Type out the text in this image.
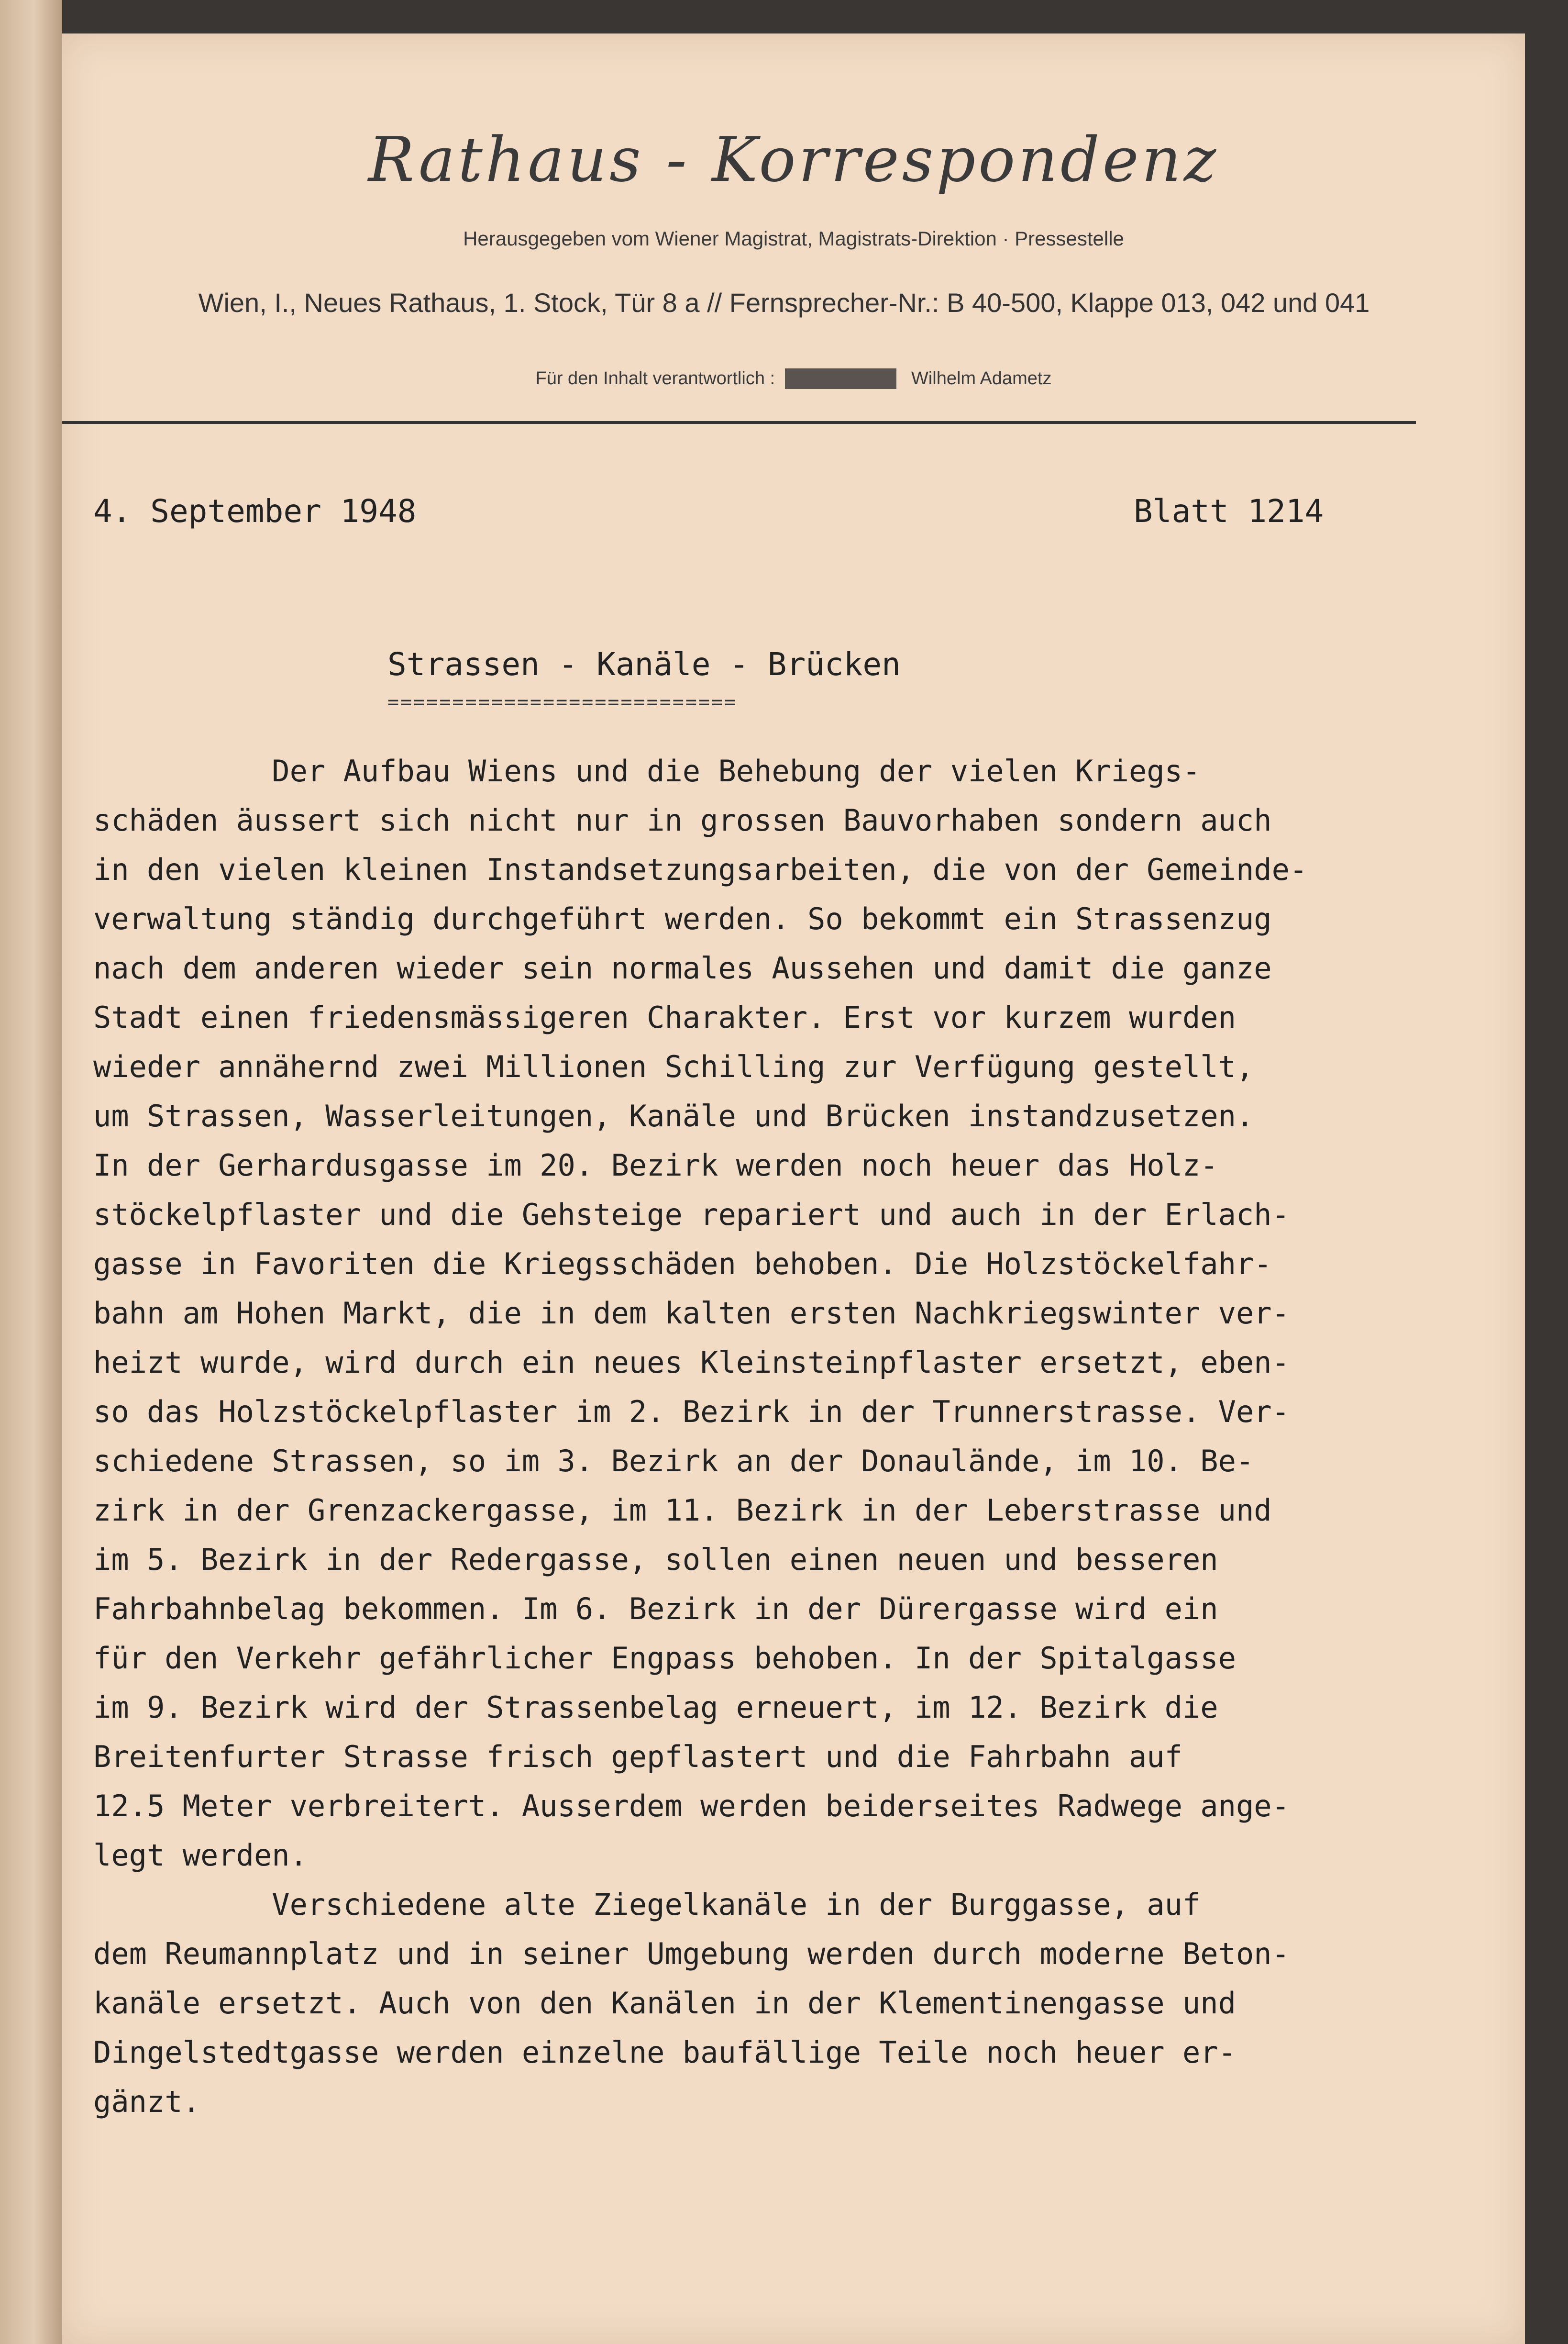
Rathaus - Korrespondenz
Herausgegeben vom Wiener Magistrat, Magistrats-Direktion · Pressestelle
Wien, I., Neues Rathaus, 1. Stock, Tür 8 a // Fernsprecher-Nr.: B 40-500, Klappe 013, 042 und 041
Für den Inhalt verantwortlich : Hans Riemer Wilhelm Adametz
4. September 1948	Blatt 1214
Strassen - Kanäle - Brücken
===========================
Der Aufbau Wiens und die Behebung der vielen Kriegs-
schäden äussert sich nicht nur in grossen Bauvorhaben sondern auch
in den vielen kleinen Instandsetzungsarbeiten, die von der Gemeinde-
verwaltung ständig durchgeführt werden. So bekommt ein Strassenzug
nach dem anderen wieder sein normales Aussehen und damit die ganze
Stadt einen friedensmässigeren Charakter. Erst vor kurzem wurden
wieder annähernd zwei Millionen Schilling zur Verfügung gestellt,
um Strassen, Wasserleitungen, Kanäle und Brücken instandzusetzen.
In der Gerhardusgasse im 20. Bezirk werden noch heuer das Holz-
stöckelpflaster und die Gehsteige repariert und auch in der Erlach-
gasse in Favoriten die Kriegsschäden behoben. Die Holzstöckelfahr-
bahn am Hohen Markt, die in dem kalten ersten Nachkriegswinter ver-
heizt wurde, wird durch ein neues Kleinsteinpflaster ersetzt, eben-
so das Holzstöckelpflaster im 2. Bezirk in der Trunnerstrasse. Ver-
schiedene Strassen, so im 3. Bezirk an der Donaulände, im 10. Be-
zirk in der Grenzackergasse, im 11. Bezirk in der Leberstrasse und
im 5. Bezirk in der Redergasse, sollen einen neuen und besseren
Fahrbahnbelag bekommen. Im 6. Bezirk in der Dürergasse wird ein
für den Verkehr gefährlicher Engpass behoben. In der Spitalgasse
im 9. Bezirk wird der Strassenbelag erneuert, im 12. Bezirk die
Breitenfurter Strasse frisch gepflastert und die Fahrbahn auf
12.5 Meter verbreitert. Ausserdem werden beiderseites Radwege ange-
legt werden.
Verschiedene alte Ziegelkanäle in der Burggasse, auf
dem Reumannplatz und in seiner Umgebung werden durch moderne Beton-
kanäle ersetzt. Auch von den Kanälen in der Klementinengasse und
Dingelstedtgasse werden einzelne baufällige Teile noch heuer er-
gänzt.
